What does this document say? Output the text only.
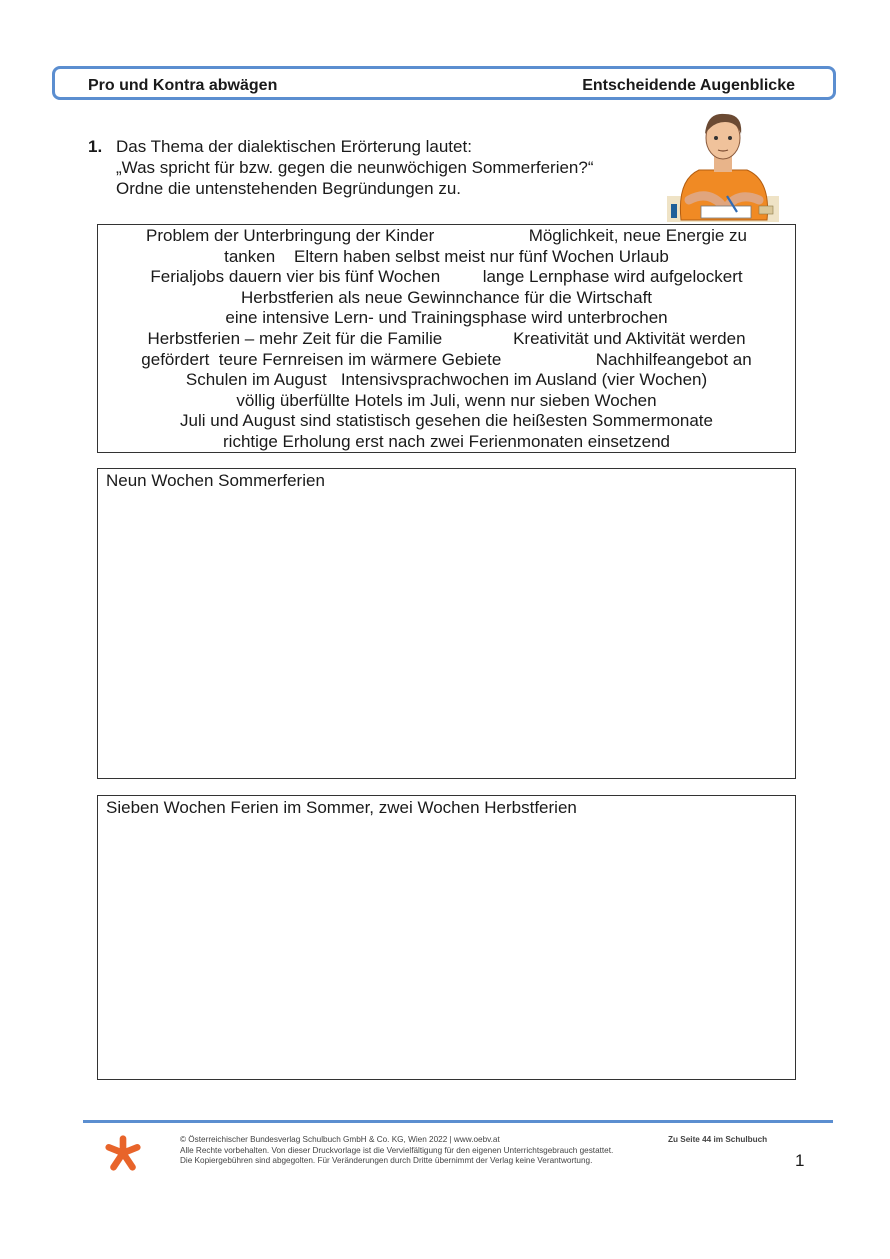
Pro und Kontra abwägen	Entscheidende Augenblicke
1. Das Thema der dialektischen Erörterung lautet:
„Was spricht für bzw. gegen die neunwöchigen Sommerferien?“
Ordne die untenstehenden Begründungen zu.
Problem der Unterbringung der Kinder                    Möglichkeit, neue Energie zu
tanken    Eltern haben selbst meist nur fünf Wochen Urlaub
Ferialjobs dauern vier bis fünf Wochen         lange Lernphase wird aufgelockert
Herbstferien als neue Gewinnchance für die Wirtschaft
eine intensive Lern- und Trainingsphase wird unterbrochen
Herbstferien – mehr Zeit für die Familie               Kreativität und Aktivität werden
gefördert  teure Fernreisen im wärmere Gebiete                    Nachhilfeangebot an
Schulen im August   Intensivsprachwochen im Ausland (vier Wochen)
völlig überfüllte Hotels im Juli, wenn nur sieben Wochen
Juli und August sind statistisch gesehen die heißesten Sommermonate
richtige Erholung erst nach zwei Ferienmonaten einsetzend
Neun Wochen Sommerferien
Sieben Wochen Ferien im Sommer, zwei Wochen Herbstferien
© Österreichischer Bundesverlag Schulbuch GmbH & Co. KG, Wien 2022 | www.oebv.at
Alle Rechte vorbehalten. Von dieser Druckvorlage ist die Vervielfältigung für den eigenen Unterrichtsgebrauch gestattet.
Die Kopiergebühren sind abgegolten. Für Veränderungen durch Dritte übernimmt der Verlag keine Verantwortung.
Zu Seite 44 im Schulbuch
1
